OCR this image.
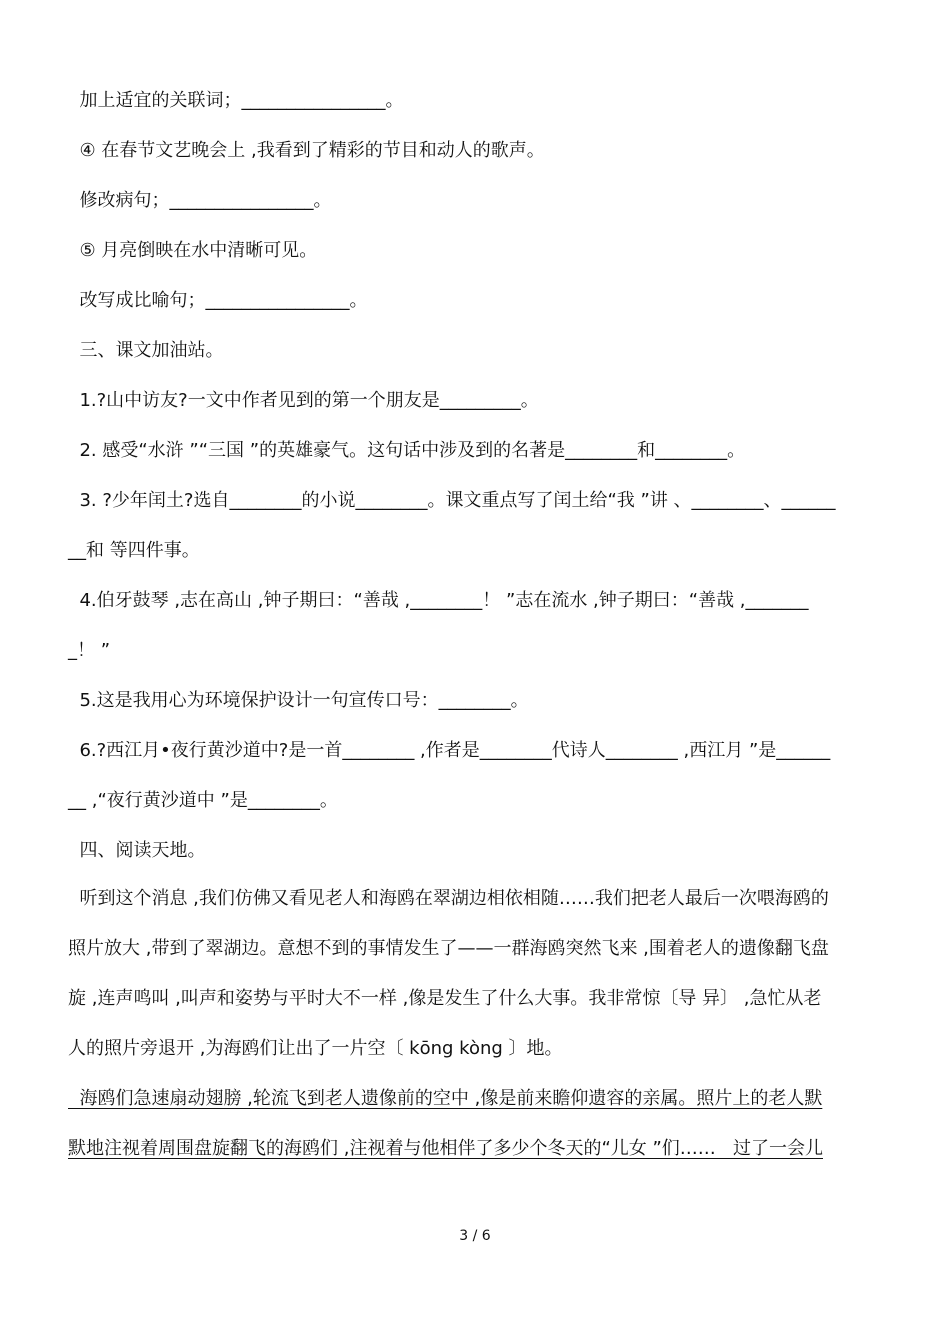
加上适宜的关联词；________________。
④ 在春节文艺晚会上 ,我看到了精彩的节目和动人的歌声。
修改病句；________________。
⑤ 月亮倒映在水中清晰可见。
改写成比喻句；________________。
三、课文加油站。
1.?山中访友?一文中作者见到的第一个朋友是_________。
2. 感受“水浒 ”“三国 ”的英雄豪气。这句话中涉及到的名著是________和________。
3. ?少年闰土?选自________的小说________。课文重点写了闰土给“我 ”讲 、________、______
__和 等四件事。
4.伯牙鼓琴 ,志在高山 ,钟子期曰：“善哉 ,________！ ”志在流水 ,钟子期曰：“善哉 ,_______
_！ ”
5.这是我用心为环境保护设计一句宣传口号：________。
6.?西江月•夜行黄沙道中?是一首________ ,作者是________代诗人________ ,西江月 ”是______
__ ,“夜行黄沙道中 ”是________。
四、阅读天地。
听到这个消息 ,我们仿佛又看见老人和海鸥在翠湖边相依相随……我们把老人最后一次喂海鸥的
照片放大 ,带到了翠湖边。意想不到的事情发生了——一群海鸥突然飞来 ,围着老人的遗像翻飞盘
旋 ,连声鸣叫 ,叫声和姿势与平时大不一样 ,像是发生了什么大事。我非常惊〔导 异〕 ,急忙从老
人的照片旁退开 ,为海鸥们让出了一片空〔 kōng kòng 〕地。
海鸥们急速扇动翅膀 ,轮流飞到老人遗像前的空中 ,像是前来瞻仰遗容的亲属。照片上的老人默
默地注视着周围盘旋翻飞的海鸥们 ,注视着与他相伴了多少个冬天的“儿女 ”们……   过了一会儿
3 / 6
